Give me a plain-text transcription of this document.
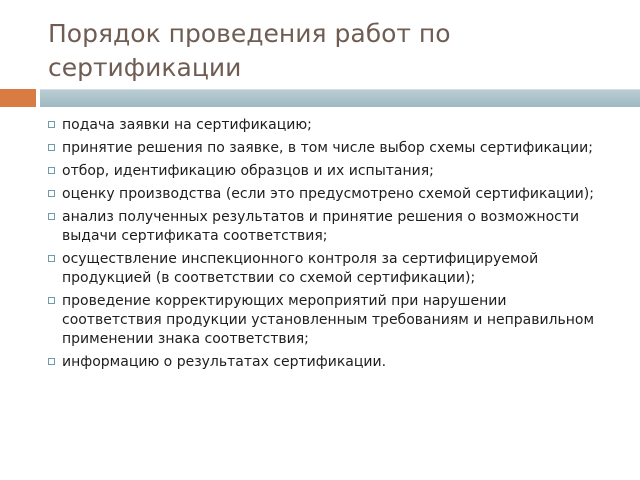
Порядок проведения работ по сертификации
подача заявки на сертификацию;
принятие решения по заявке, в том числе выбор схемы сертификации;
отбор, идентификацию образцов и их испытания;
оценку производства (если это предусмотрено схемой сертификации);
анализ полученных результатов и принятие решения о возможности выдачи сертификата соответствия;
осуществление инспекционного контроля за сертифицируемой продукцией (в соответствии со схемой сертификации);
проведение корректирующих мероприятий при нарушении соответствия продукции установленным требованиям и неправильном применении знака соответствия;
информацию о результатах сертификации.
